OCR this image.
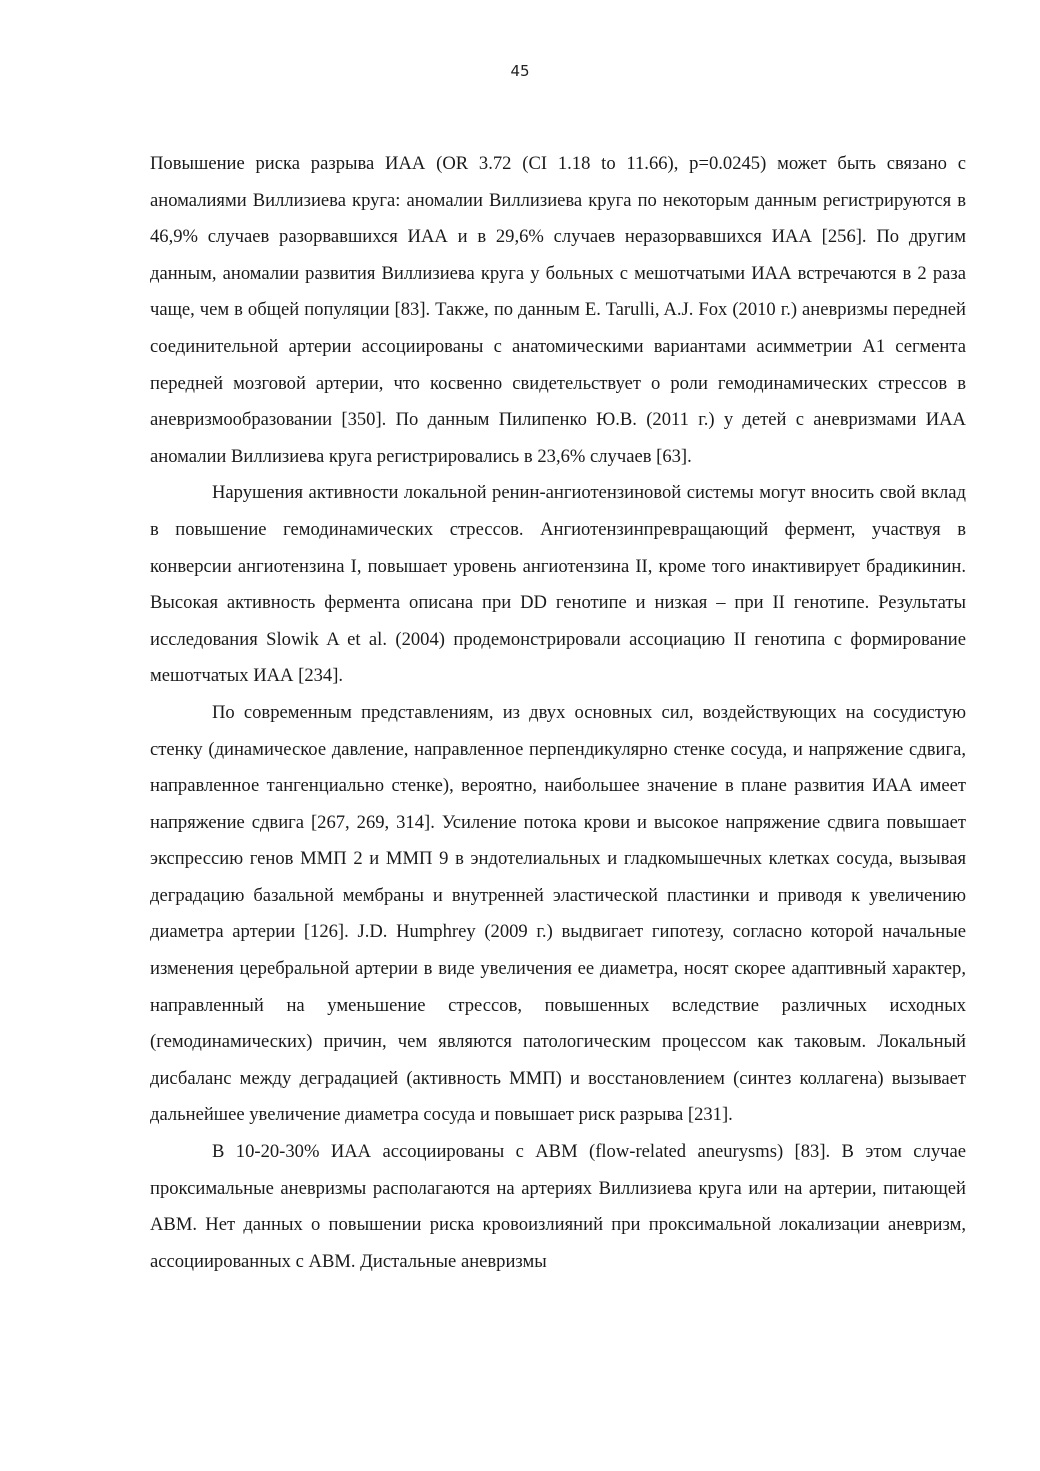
45

Повышение риска разрыва ИАА (OR 3.72 (CI 1.18 to 11.66), p=0.0245) может быть связано с аномалиями Виллизиева круга: аномалии Виллизиева круга по некоторым данным регистрируются в 46,9% случаев разорвавшихся ИАА и в 29,6% случаев неразорвавшихся ИАА [256]. По другим данным, аномалии развития Виллизиева круга у больных с мешотчатыми ИАА встречаются в 2 раза чаще, чем в общей популяции [83]. Также, по данным E. Tarulli, A.J. Fox (2010 г.) аневризмы передней соединительной артерии ассоциированы с анатомическими вариантами асимметрии A1 сегмента передней мозговой артерии, что косвенно свидетельствует о роли гемодинамических стрессов в аневризмообразовании [350]. По данным Пилипенко Ю.В. (2011 г.) у детей с аневризмами ИАА аномалии Виллизиева круга регистрировались в 23,6% случаев [63].

Нарушения активности локальной ренин-ангиотензиновой системы могут вносить свой вклад в повышение гемодинамических стрессов. Ангиотензинпревращающий фермент, участвуя в конверсии ангиотензина I, повышает уровень ангиотензина II, кроме того инактивирует брадикинин. Высокая активность фермента описана при DD генотипе и низкая – при II генотипе. Результаты исследования Slowik A et al. (2004) продемонстрировали ассоциацию II генотипа с формирование мешотчатых ИАА [234].

По современным представлениям, из двух основных сил, воздействующих на сосудистую стенку (динамическое давление, направленное перпендикулярно стенке сосуда, и напряжение сдвига, направленное тангенциально стенке), вероятно, наибольшее значение в плане развития ИАА имеет напряжение сдвига [267, 269, 314]. Усиление потока крови и высокое напряжение сдвига повышает экспрессию генов ММП 2 и ММП 9 в эндотелиальных и гладкомышечных клетках сосуда, вызывая деградацию базальной мембраны и внутренней эластической пластинки и приводя к увеличению диаметра артерии [126]. J.D. Humphrey (2009 г.) выдвигает гипотезу, согласно которой начальные изменения церебральной артерии в виде увеличения ее диаметра, носят скорее адаптивный характер, направленный на уменьшение стрессов, повышенных вследствие различных исходных (гемодинамических) причин, чем являются патологическим процессом как таковым. Локальный дисбаланс между деградацией (активность ММП) и восстановлением (синтез коллагена) вызывает дальнейшее увеличение диаметра сосуда и повышает риск разрыва [231].

В 10-20-30% ИАА ассоциированы с АВМ (flow-related aneurysms) [83]. В этом случае проксимальные аневризмы располагаются на артериях Виллизиева круга или на артерии, питающей АВМ. Нет данных о повышении риска кровоизлияний при проксимальной локализации аневризм, ассоциированных с АВМ. Дистальные аневризмы
